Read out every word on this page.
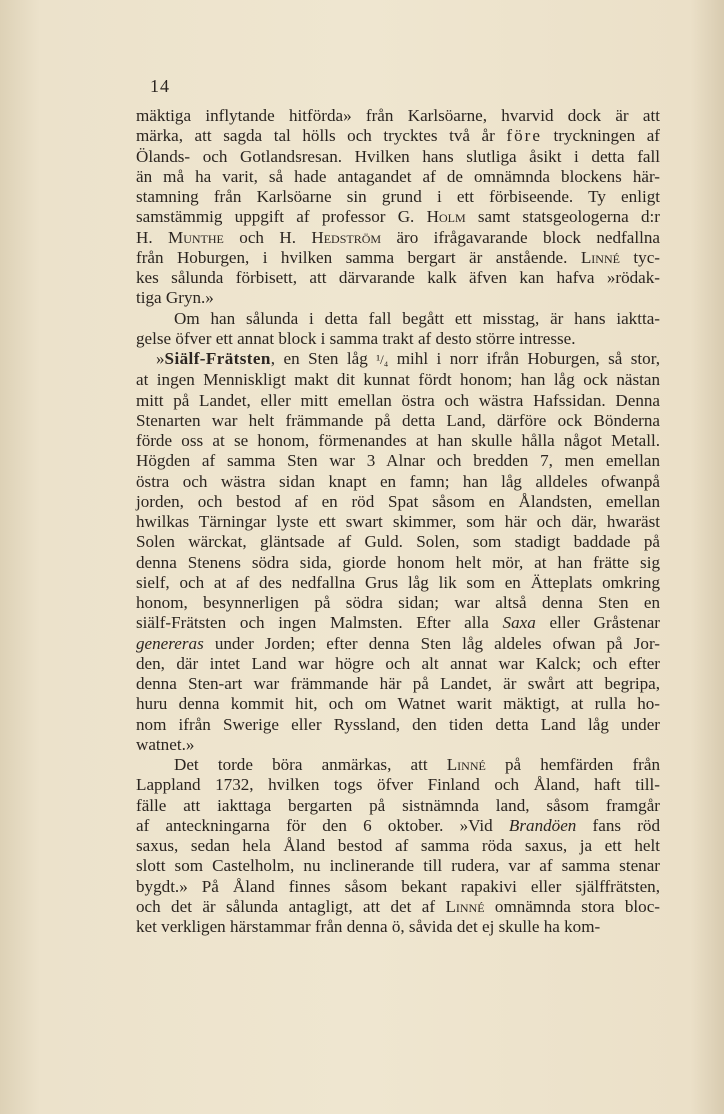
14
mäktiga inflytande hitförda» från Karlsöarne, hvarvid dock är att
märka, att sagda tal hölls och trycktes två år före tryckningen af
Ölands- och Gotlandsresan. Hvilken hans slutliga åsikt i detta fall
än må ha varit, så hade antagandet af de omnämnda blockens här-
stamning från Karlsöarne sin grund i ett förbiseende. Ty enligt
samstämmig uppgift af professor G. Holm samt statsgeologerna d:r
H. Munthe och H. Hedström äro ifrågavarande block nedfallna
från Hoburgen, i hvilken samma bergart är anstående. Linné tyc-
kes sålunda förbisett, att därvarande kalk äfven kan hafva »rödak-
tiga Gryn.»
Om han sålunda i detta fall begått ett misstag, är hans iaktta-
gelse öfver ett annat block i samma trakt af desto större intresse.
»Siälf-Frätsten, en Sten låg ¹/₄ mihl i norr ifrån Hoburgen, så stor,
at ingen Menniskligt makt dit kunnat fördt honom; han låg ock nästan
mitt på Landet, eller mitt emellan östra och wästra Hafssidan. Denna
Stenarten war helt främmande på detta Land, därföre ock Bönderna
förde oss at se honom, förmenandes at han skulle hålla något Metall.
Högden af samma Sten war 3 Alnar och bredden 7, men emellan
östra och wästra sidan knapt en famn; han låg alldeles ofwanpå
jorden, och bestod af en röd Spat såsom en Ålandsten, emellan
hwilkas Tärningar lyste ett swart skimmer, som här och där, hwaräst
Solen wärckat, gläntsade af Guld. Solen, som stadigt baddade på
denna Stenens södra sida, giorde honom helt mör, at han frätte sig
sielf, och at af des nedfallna Grus låg lik som en Ätteplats omkring
honom, besynnerligen på södra sidan; war altså denna Sten en
siälf-Frätsten och ingen Malmsten. Efter alla Saxa eller Gråstenar
genereras under Jorden; efter denna Sten låg aldeles ofwan på Jor-
den, där intet Land war högre och alt annat war Kalck; och efter
denna Sten-art war främmande här på Landet, är swårt att begripa,
huru denna kommit hit, och om Watnet warit mäktigt, at rulla ho-
nom ifrån Swerige eller Ryssland, den tiden detta Land låg under
watnet.»
Det torde böra anmärkas, att Linné på hemfärden från
Lappland 1732, hvilken togs öfver Finland och Åland, haft till-
fälle att iakttaga bergarten på sistnämnda land, såsom framgår
af anteckningarna för den 6 oktober. »Vid Brandöen fans röd
saxus, sedan hela Åland bestod af samma röda saxus, ja ett helt
slott som Castelholm, nu inclinerande till rudera, var af samma stenar
bygdt.» På Åland finnes såsom bekant rapakivi eller själffrätsten,
och det är sålunda antagligt, att det af Linné omnämnda stora bloc-
ket verkligen härstammar från denna ö, såvida det ej skulle ha kom-
